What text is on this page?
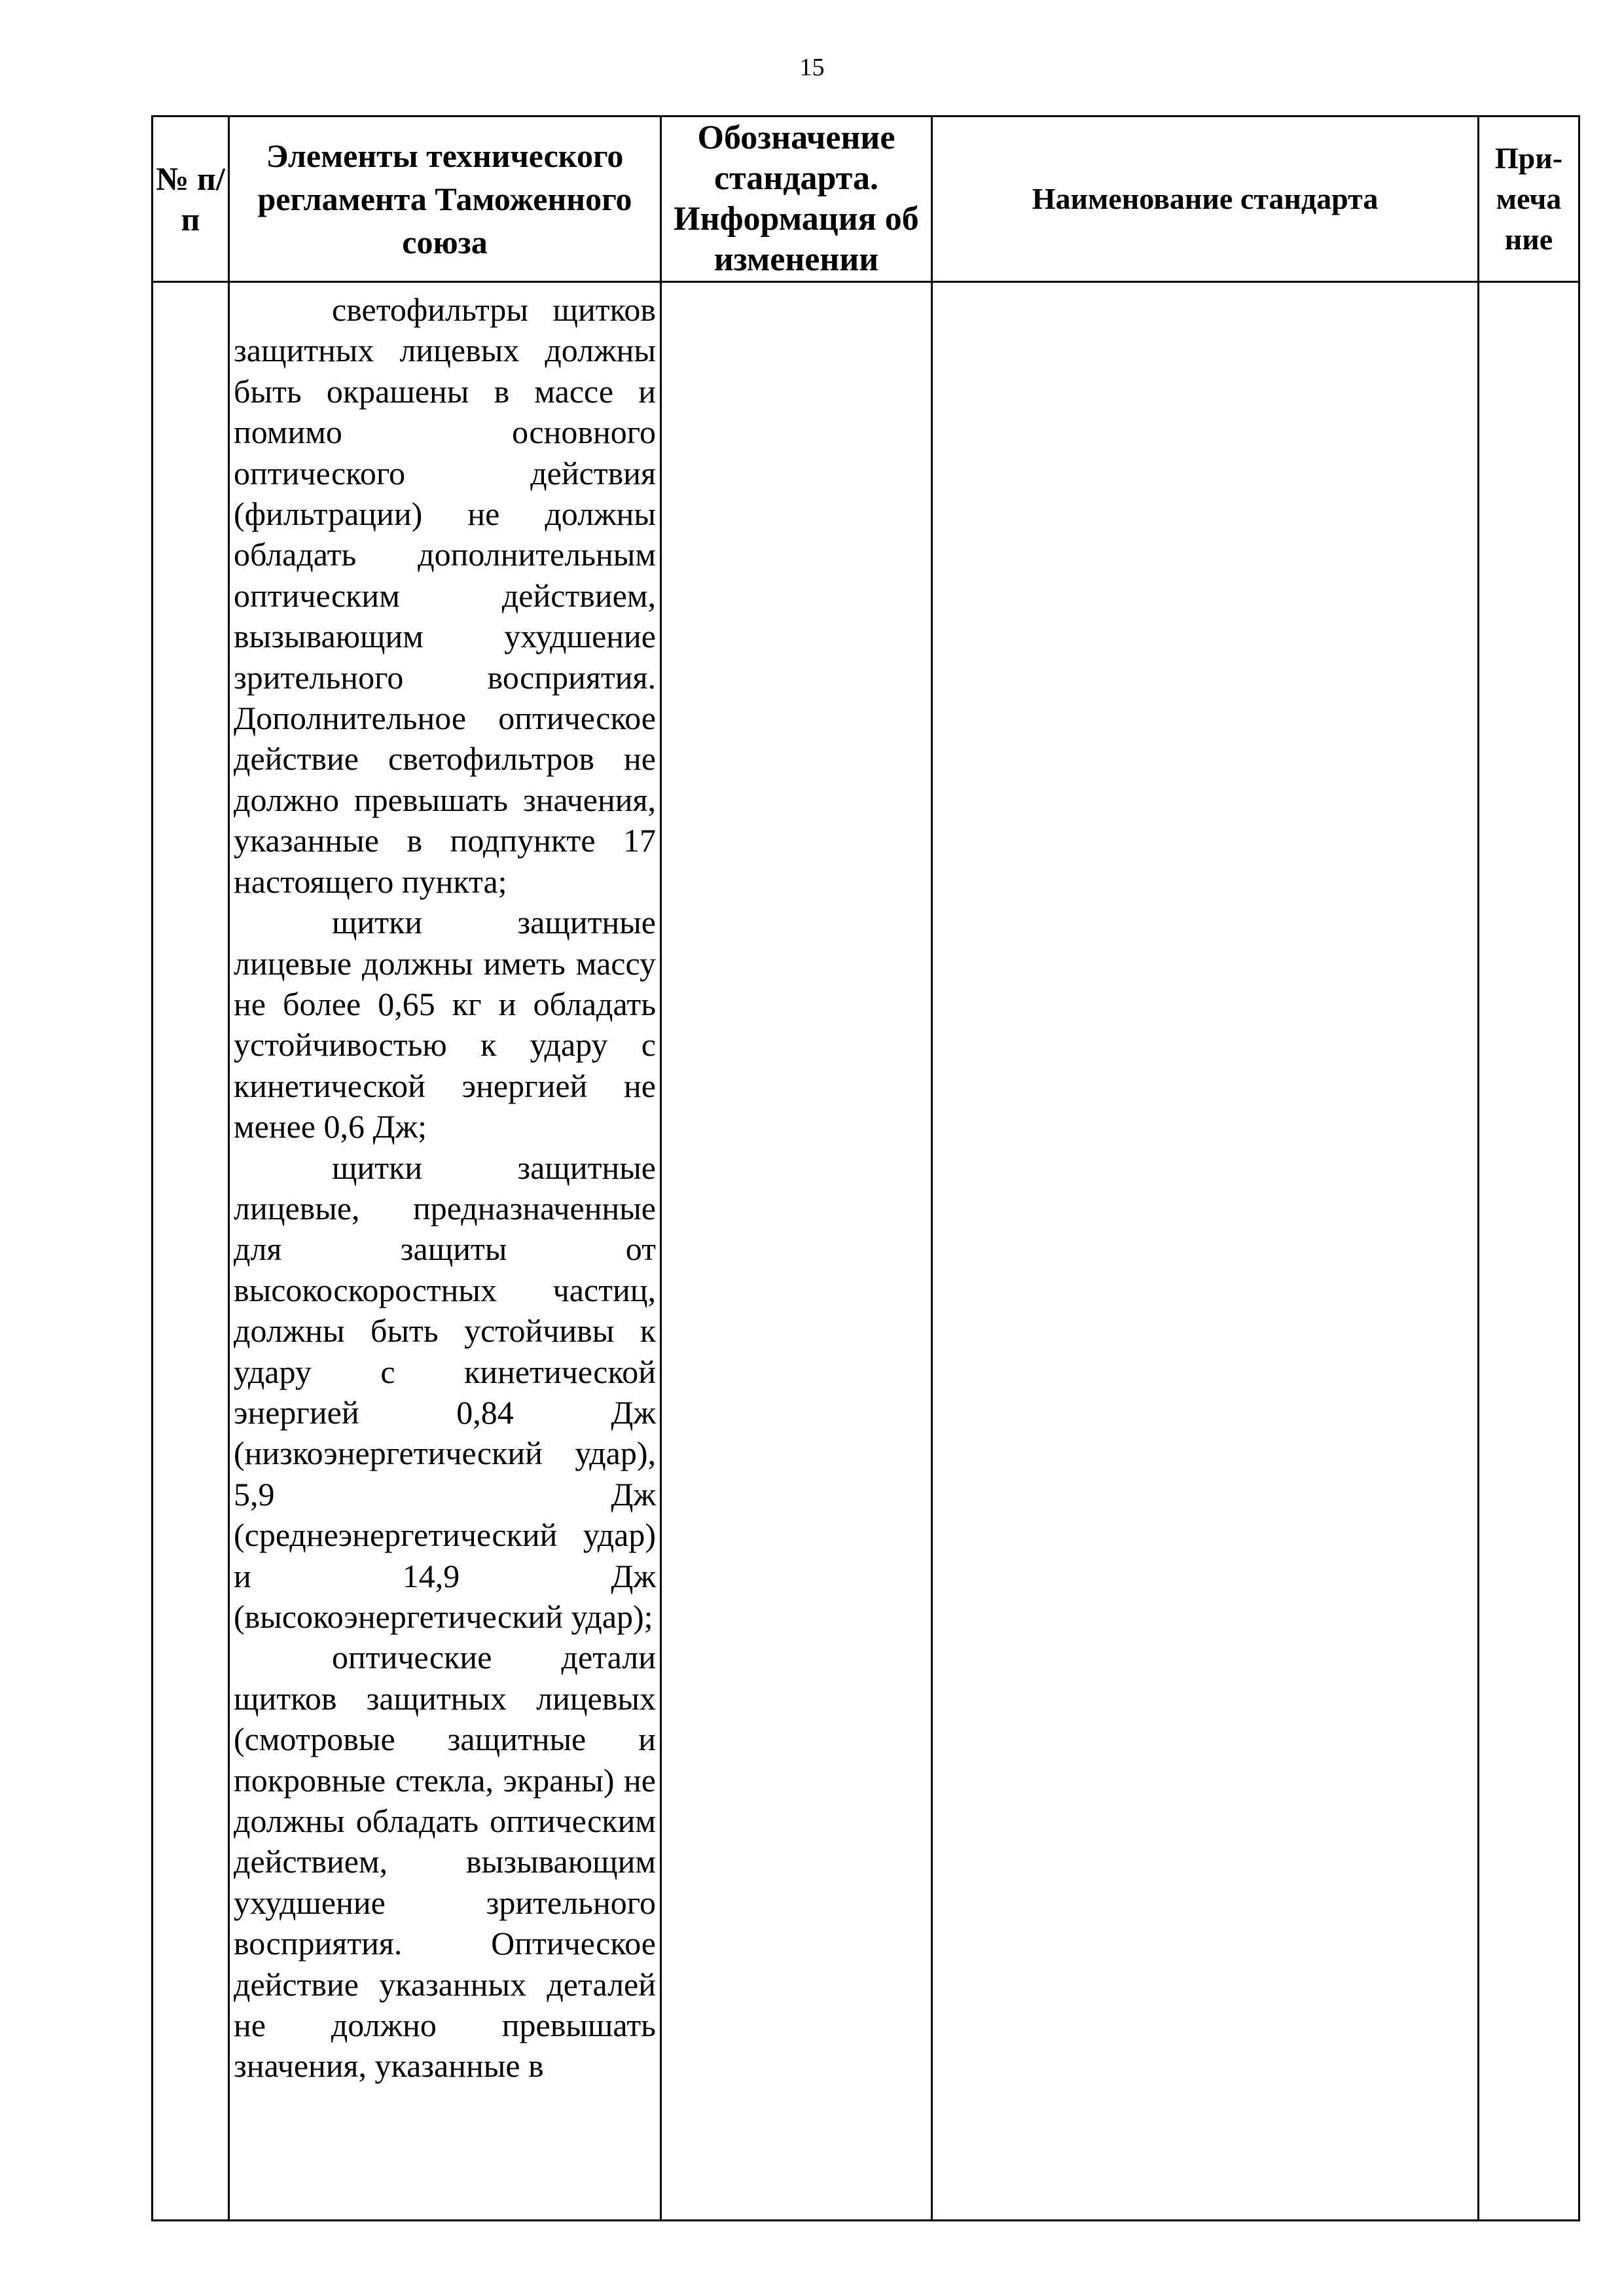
15
№ п/п	Элементы технического регламента Таможенного союза	Обозначение стандарта. Информация об изменении	Наименование стандарта	При-меча ние

	светофильтры щитков защитных лицевых должны быть окрашены в массе и помимо основного оптического действия (фильтрации) не должны обладать дополнительным оптическим действием, вызывающим ухудшение зрительного восприятия. Дополнительное оптическое действие светофильтров не должно превышать значения, указанные в подпункте 17 настоящего пункта;

щитки защитные лицевые должны иметь массу не более 0,65 кг и обладать устойчивостью к удару с кинетической энергией не менее 0,6 Дж;

щитки защитные лицевые, предназначенные для защиты от высокоскоростных частиц, должны быть устойчивы к удару с кинетической энергией 0,84 Дж (низкоэнергетический удар), 5,9 Дж (среднеэнергетический удар) и 14,9 Дж (высокоэнергетический удар);

оптические детали щитков защитных лицевых (смотровые защитные и покровные стекла, экраны) не должны обладать оптическим действием, вызывающим ухудшение зрительного восприятия. Оптическое действие указанных деталей не должно превышать значения, указанные в			
